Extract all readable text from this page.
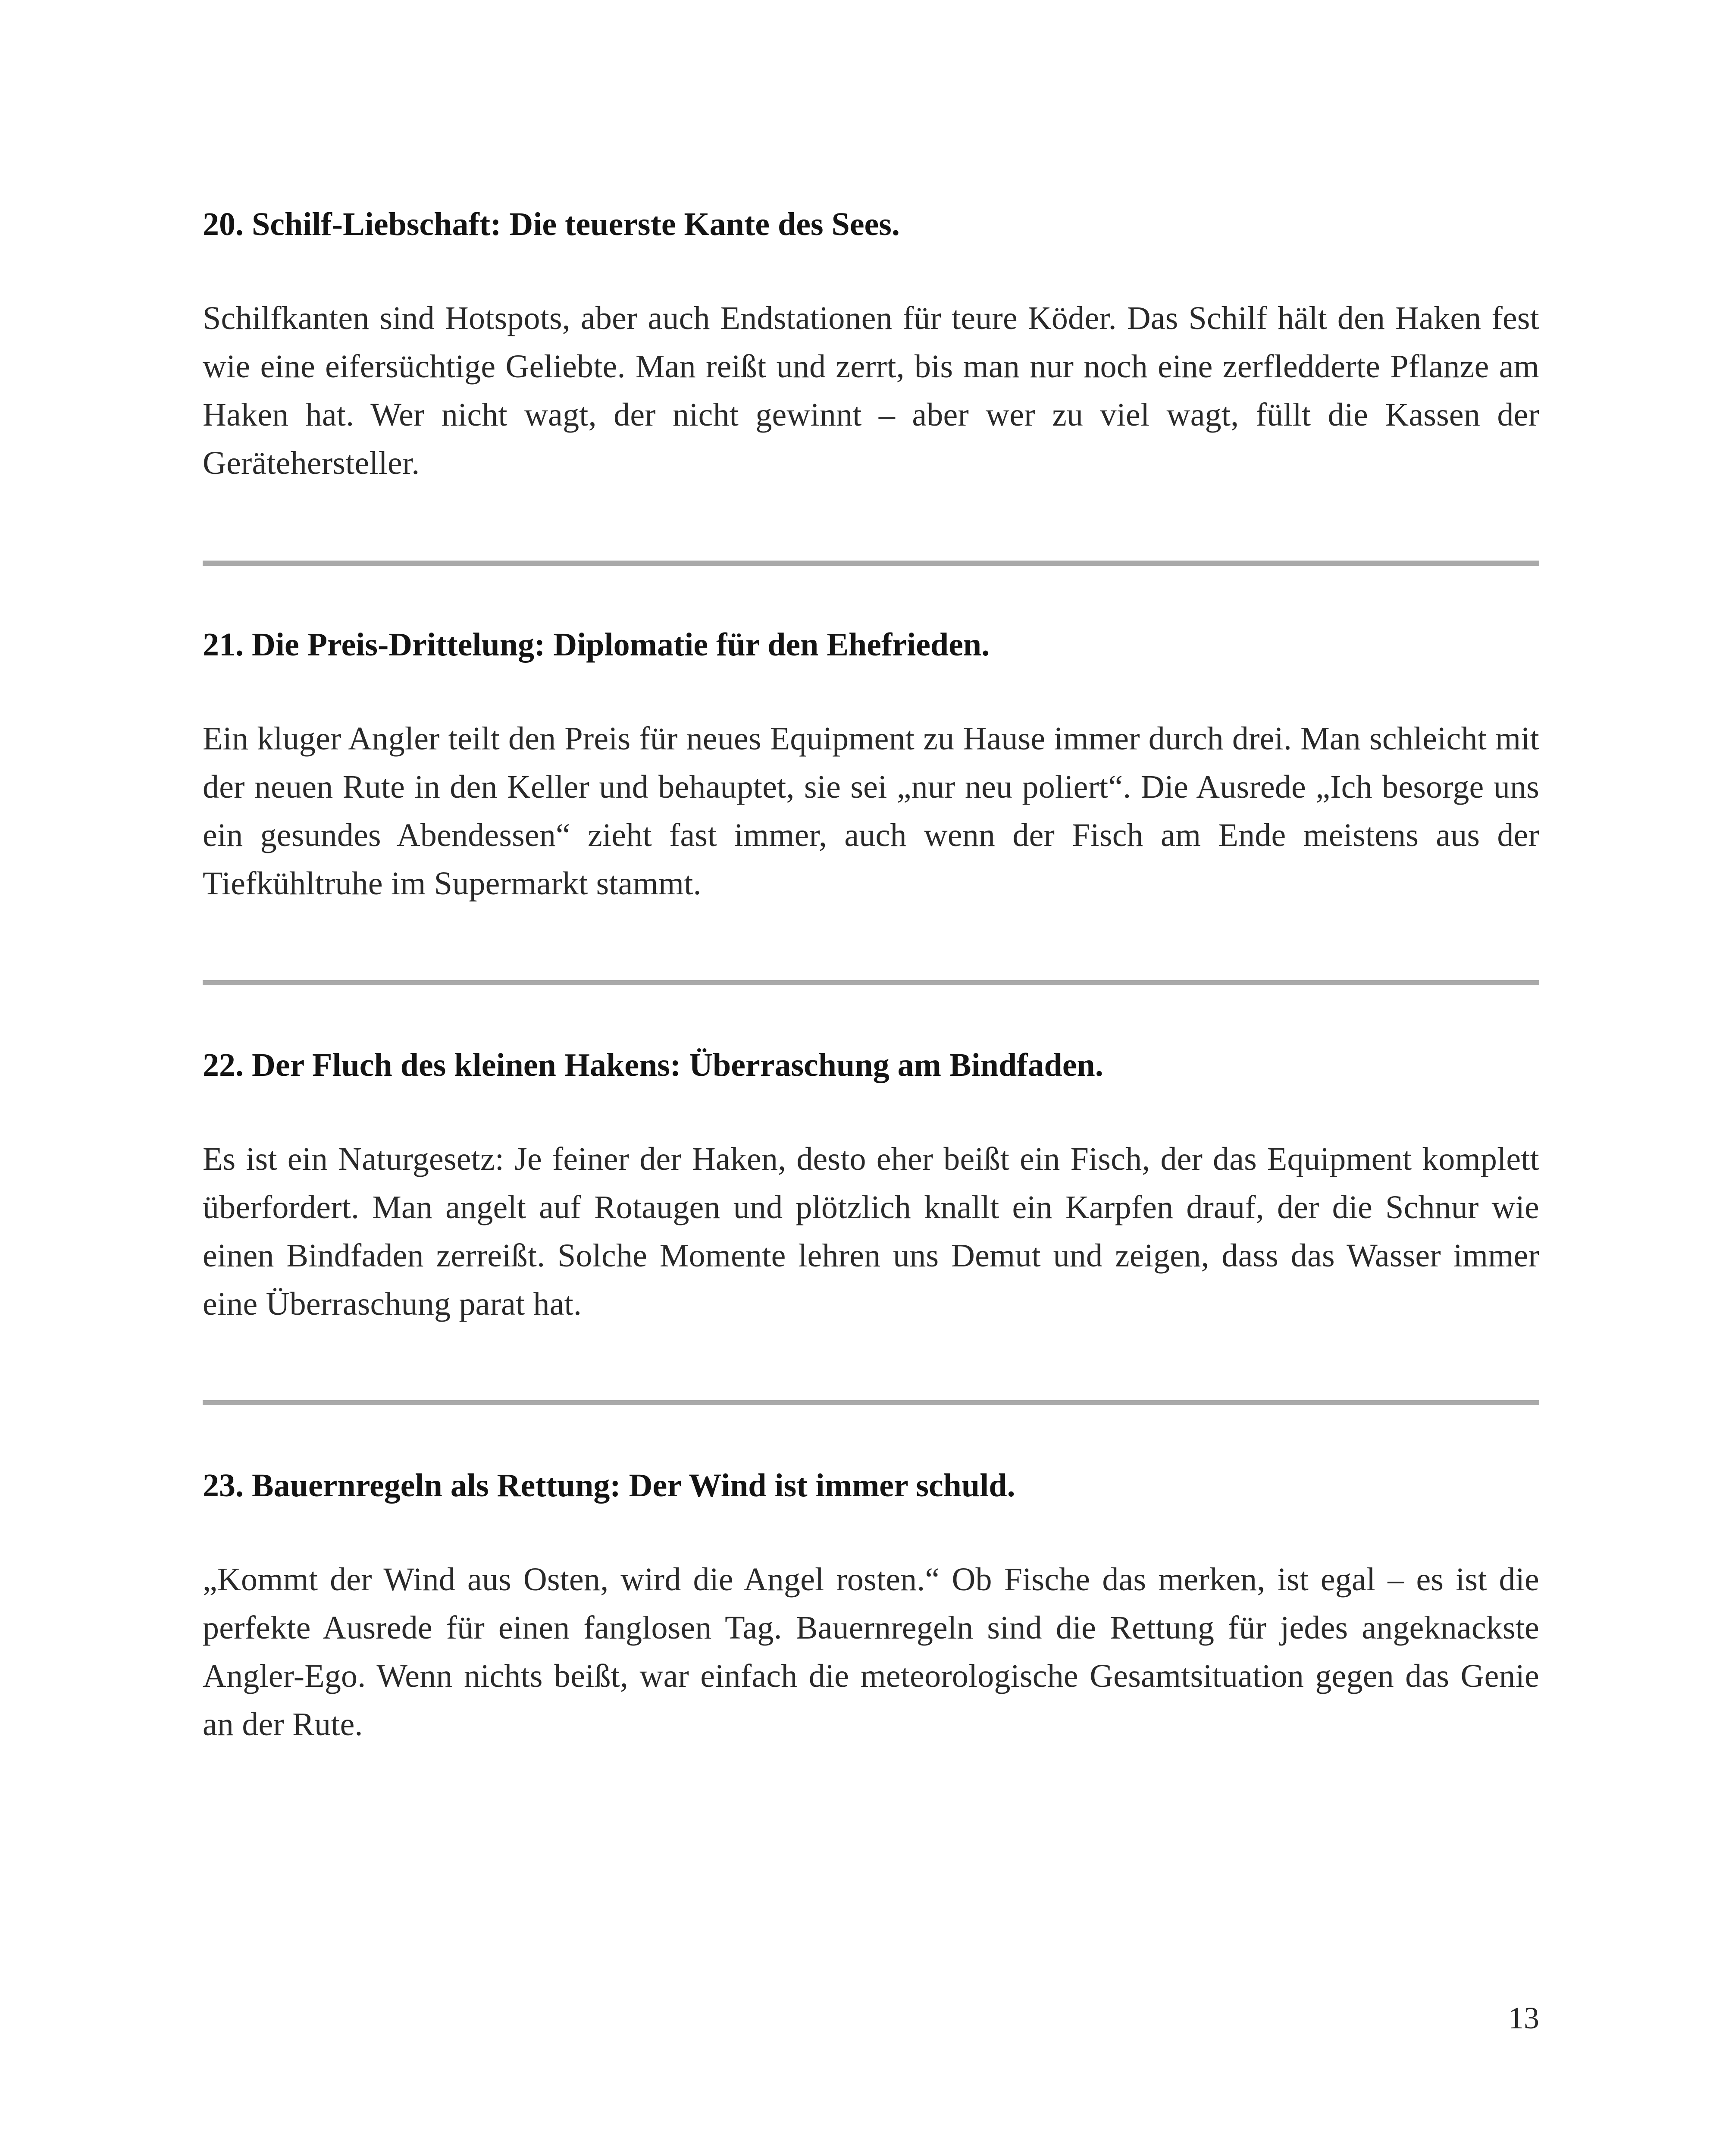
20. Schilf-Liebschaft: Die teuerste Kante des Sees.

Schilfkanten sind Hotspots, aber auch Endstationen für teure Köder. Das Schilf hält den Haken fest wie eine eifersüchtige Geliebte. Man reißt und zerrt, bis man nur noch eine zerfledderte Pflanze am Haken hat. Wer nicht wagt, der nicht gewinnt – aber wer zu viel wagt, füllt die Kassen der Gerätehersteller.

21. Die Preis-Drittelung: Diplomatie für den Ehefrieden.

Ein kluger Angler teilt den Preis für neues Equipment zu Hause immer durch drei. Man schleicht mit der neuen Rute in den Keller und behauptet, sie sei „nur neu poliert“. Die Ausrede „Ich besorge uns ein gesundes Abendessen“ zieht fast immer, auch wenn der Fisch am Ende meistens aus der Tiefkühltruhe im Supermarkt stammt.

22. Der Fluch des kleinen Hakens: Überraschung am Bindfaden.

Es ist ein Naturgesetz: Je feiner der Haken, desto eher beißt ein Fisch, der das Equipment komplett überfordert. Man angelt auf Rotaugen und plötzlich knallt ein Karpfen drauf, der die Schnur wie einen Bindfaden zerreißt. Solche Momente lehren uns Demut und zeigen, dass das Wasser immer eine Überraschung parat hat.

23. Bauernregeln als Rettung: Der Wind ist immer schuld.

„Kommt der Wind aus Osten, wird die Angel rosten.“ Ob Fische das merken, ist egal – es ist die perfekte Ausrede für einen fanglosen Tag. Bauernregeln sind die Rettung für jedes angeknackste Angler-Ego. Wenn nichts beißt, war einfach die meteorologische Gesamtsituation gegen das Genie an der Rute.

13
